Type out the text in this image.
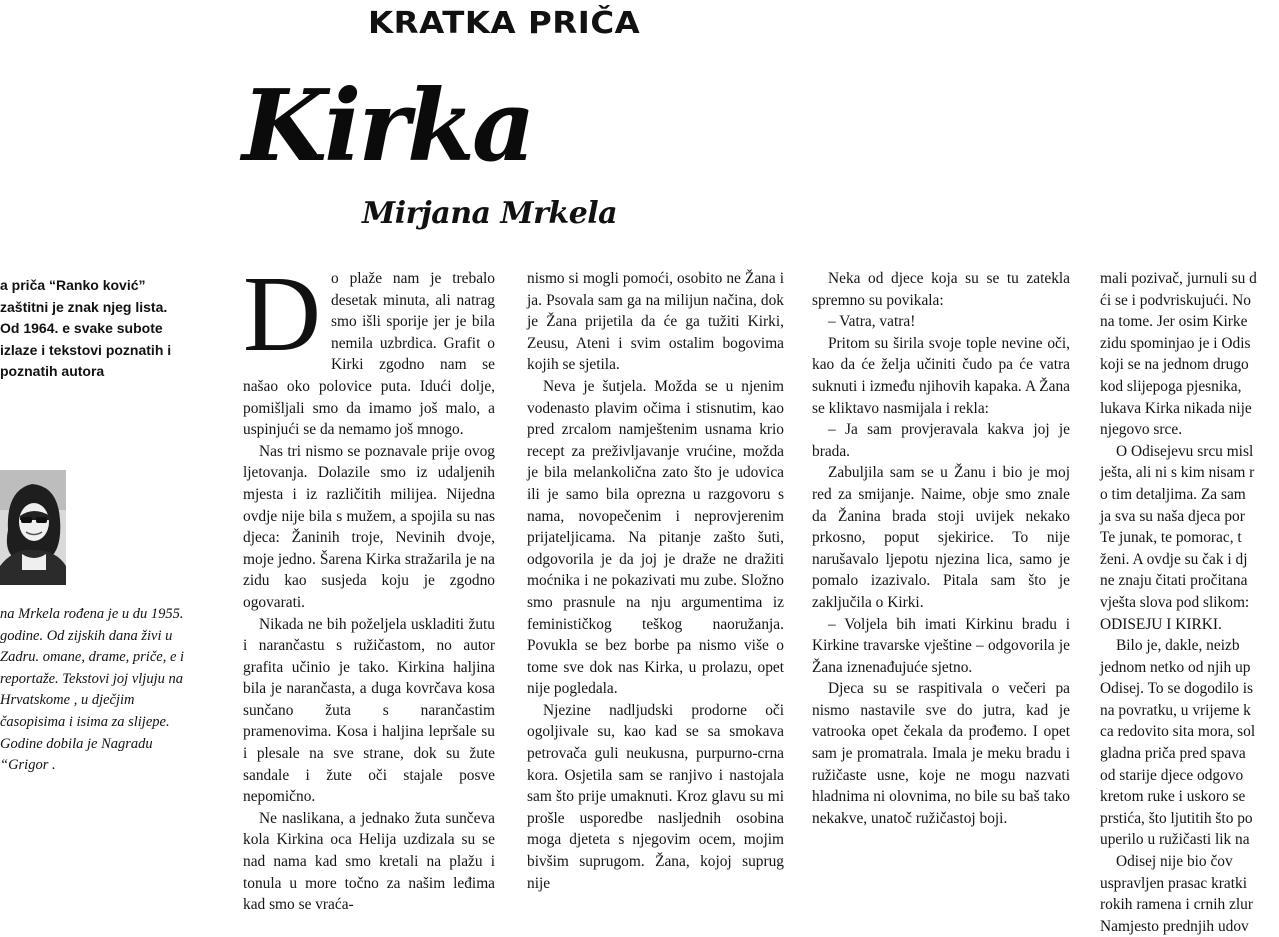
KRATKA PRIČA
Kirka
Mirjana Mrkela

a priča “Ranko ković” zaštitni je znak njeg lista. Od 1964. e svake subote izlaze i tekstovi poznatih i poznatih autora

na Mrkela rođena je u du 1955. godine. Od zijskih dana živi u Zadru. omane, drame, priče, e i reportaže. Tekstovi joj vljuju na Hrvatskome , u dječjim časopisima i isima za slijepe. Godine dobila je Nagradu “Grigor .

Do plaže nam je trebalo desetak minuta, ali natrag smo išli sporije jer je bila nemila uzbrdica. Grafit o Kirki zgodno nam se našao oko polovice puta. Idući dolje, pomišljali smo da imamo još malo, a uspinjući se da nemamo još mnogo.

Nas tri nismo se poznavale prije ovog ljetovanja. Dolazile smo iz udaljenih mjesta i iz različitih milijea. Nijedna ovdje nije bila s mužem, a spojila su nas djeca: Žaninih troje, Nevinih dvoje, moje jedno. Šarena Kirka stražarila je na zidu kao susjeda koju je zgodno ogovarati.

Nikada ne bih poželjela uskladiti žutu i narančastu s ružičastom, no autor grafita učinio je tako. Kirkina haljina bila je narančasta, a duga kovrčava kosa sunčano žuta s narančastim pramenovima. Kosa i haljina lepršale su i plesale na sve strane, dok su žute sandale i žute oči stajale posve nepomično.

Ne naslikana, a jednako žuta sunčeva kola Kirkina oca Helija uzdizala su se nad nama kad smo kretali na plažu i tonula u more točno za našim leđima kad smo se vraća-

nismo si mogli pomoći, osobito ne Žana i ja. Psovala sam ga na milijun načina, dok je Žana prijetila da će ga tužiti Kirki, Zeusu, Ateni i svim ostalim bogovima kojih se sjetila.

Neva je šutjela. Možda se u njenim vodenasto plavim očima i stisnutim, kao pred zrcalom namještenim usnama krio recept za preživljavanje vrućine, možda je bila melankolična zato što je udovica ili je samo bila oprezna u razgovoru s nama, novopečenim i neprovjerenim prijateljicama. Na pitanje zašto šuti, odgovorila je da joj je draže ne dražiti moćnika i ne pokazivati mu zube. Složno smo prasnule na nju argumentima iz feminističkog teškog naoružanja. Povukla se bez borbe pa nismo više o tome sve dok nas Kirka, u prolazu, opet nije pogledala.

Njezine nadljudski prodorne oči ogoljivale su, kao kad se sa smokava petrovača guli neukusna, purpurno-crna kora. Osjetila sam se ranjivo i nastojala sam što prije umaknuti. Kroz glavu su mi prošle usporedbe nasljednih osobina moga djeteta s njegovim ocem, mojim bivšim suprugom. Žana, kojoj suprug nije

Neka od djece koja su se tu zatekla spremno su povikala:

– Vatra, vatra!

Pritom su širila svoje tople nevine oči, kao da će želja učiniti čudo pa će vatra suknuti i između njihovih kapaka. A Žana se kliktavo nasmijala i rekla:

– Ja sam provjeravala kakva joj je brada.

Zabuljila sam se u Žanu i bio je moj red za smijanje. Naime, obje smo znale da Žanina brada stoji uvijek nekako prkosno, poput sjekirice. To nije narušavalo ljepotu njezina lica, samo je pomalo izazivalo. Pitala sam što je zaključila o Kirki.

– Voljela bih imati Kirkinu bradu i Kirkine travarske vještine – odgovorila je Žana iznenađujuće sjetno.

Djeca su se raspitivala o večeri pa nismo nastavile sve do jutra, kad je vatrooka opet čekala da prođemo. I opet sam je promatrala. Imala je meku bradu i ružičaste usne, koje ne mogu nazvati hladnima ni olovnima, no bile su baš tako nekakve, unatoč ružičastoj boji.

mali pozivač, jurnuli su d
ći se i podvriskujući. No
na tome. Jer osim Kirke
zidu spominjao je i Odis
koji se na jednom drugo
kod slijepoga pjesnika,
lukava Kirka nikada nije
njegovo srce.
O Odisejevu srcu misl
ješta, ali ni s kim nisam r
o tim detaljima. Za sam
ja sva su naša djeca por
Te junak, te pomorac, t
ženi. A ovdje su čak i dj
ne znaju čitati pročitana
vješta slova pod slikom:
ODISEJU I KIRKI.
Bilo je, dakle, neizb
jednom netko od njih up
Odisej. To se dogodilo is
na povratku, u vrijeme k
ca redovito sita mora, sol
gladna priča pred spava
od starije djece odgovo
kretom ruke i uskoro se
prstića, što ljutitih što po
uperilo u ružičasti lik na
Odisej nije bio čov
uspravljen prasac kratki
rokih ramena i crnih zlur
Namjesto prednjih udov
